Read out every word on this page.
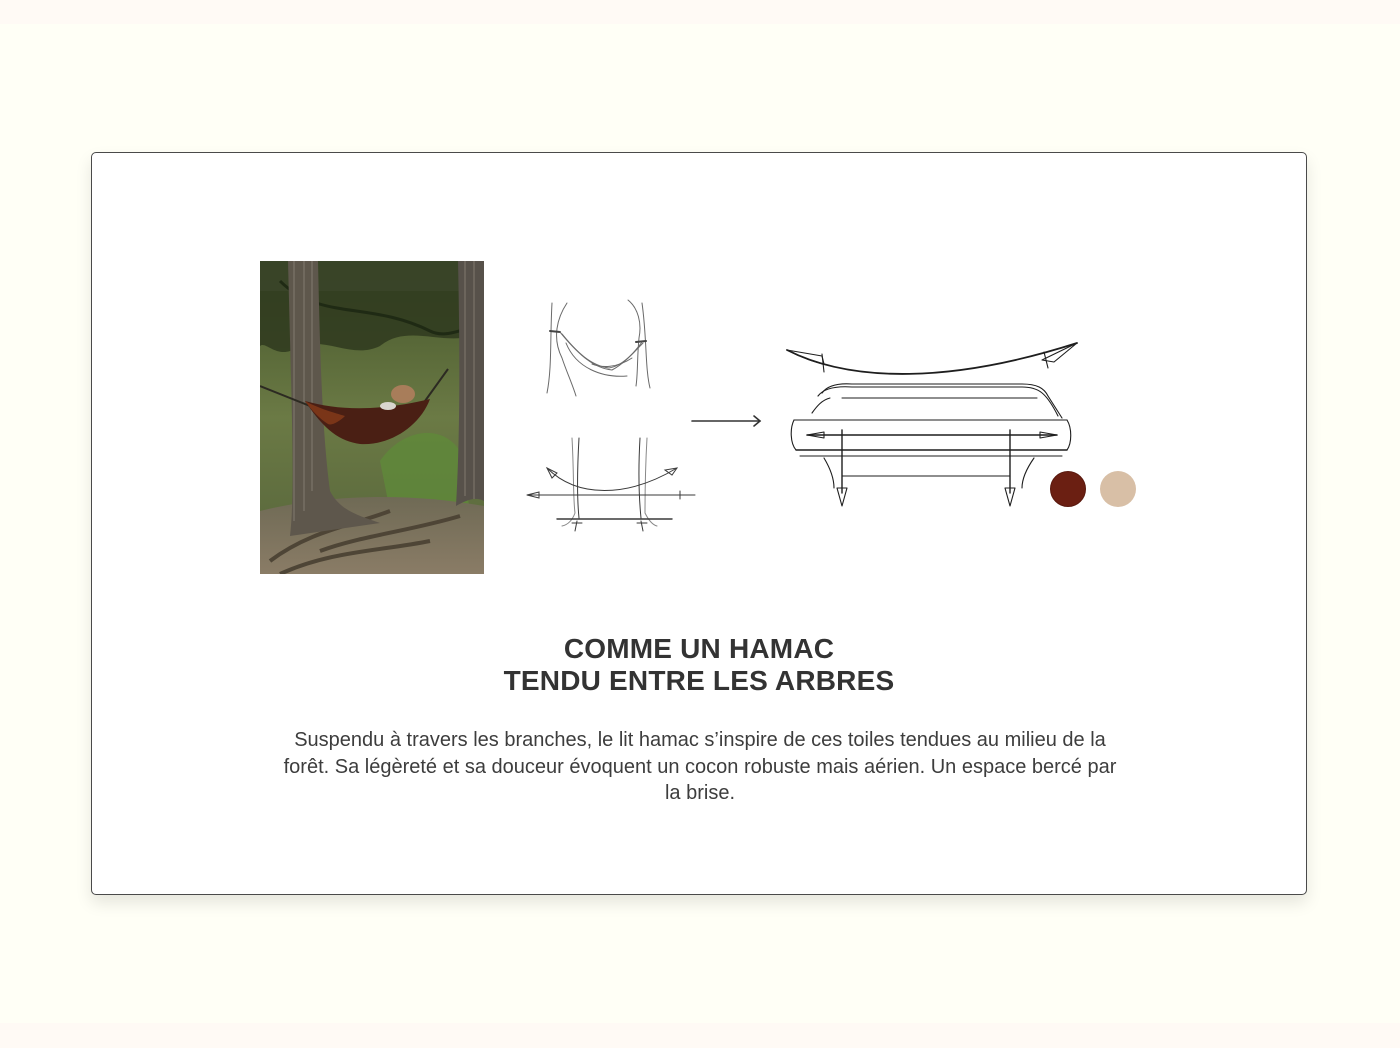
COMME UN HAMAC
TENDU ENTRE LES ARBRES
Suspendu à travers les branches, le lit hamac s’inspire de ces toiles tendues au milieu de la forêt. Sa légèreté et sa douceur évoquent un cocon robuste mais aérien. Un espace bercé par la brise.
